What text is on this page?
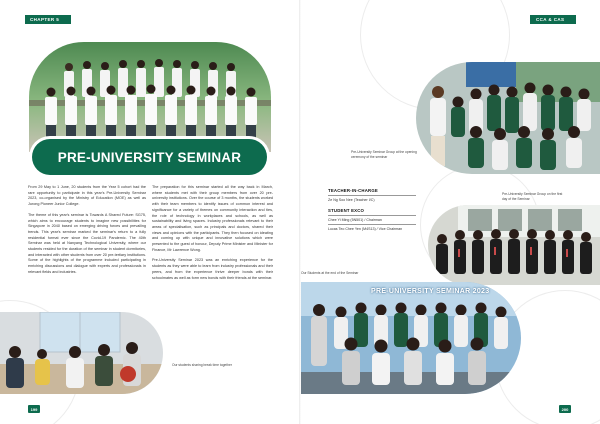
CHAPTER 5	CCA & CAS
PRE-UNIVERSITY SEMINAR

From 29 May to 1 June, 20 students from the Year 5 cohort had the rare opportunity to participate in this year's Pre-University Seminar 2023, co-organised by the Ministry of Education (MOE) as well as Jurong Pioneer Junior College.

The theme of this year's seminar is Towards A Shared Future: SG75, which aims to encourage students to imagine new possibilities for Singapore in 2040 based on emerging driving forces and prevailing trends. This year's seminar marked the seminar's return to a fully residential format ever since the Covid-19 Pandemic. The 40th Seminar was held at Nanyang Technological University, where our students resided for the duration of the seminar in student dormitories, and interacted with other students from over 20 pre-tertiary institutions. Some of the highlights of the programme included participating in enriching discussions and dialogue with experts and professionals in relevant fields and industries.

The preparation for this seminar started all the way back in March, where students met with their group members from over 20 pre-university institutions. Over the course of 3 months, the students worked with their team members to identify issues of common interest and significance for a variety of themes on community interaction and ties, the role of technology in workplaces and schools, as well as sustainability and living spaces. Industry professionals relevant to their areas of specialisation, such as principals and doctors, shared their views and opinions with the participants. They then focused on ideating and coming up with unique and innovative solutions which were presented to the guest of honour, Deputy Prime Minister and Minister for Finance, Mr Lawrence Wong.

Pre-University Seminar 2023 was an enriching experience for the students as they were able to learn from industry professionals and their peers, and from the experience thrive deeper bonds with their schoolmates as well as form new bonds with their friends at the seminar.

Our students sharing break time together
199
Pre-University Seminar Group at the opening ceremony of the seminar
TEACHER-IN-CHARGE
Ze Ng Soo Nee (Teacher I/C)
STUDENT EXCO
Chee Yi Ming (5N501) / Chairman
Lucas Teo Chee Yen (M4S13) / Vice Chairman
Pre-University Seminar Group on the first day of the Seminar
Our Students at the end of the Seminar
PRE-UNIVERSITY SEMINAR 2023
200
